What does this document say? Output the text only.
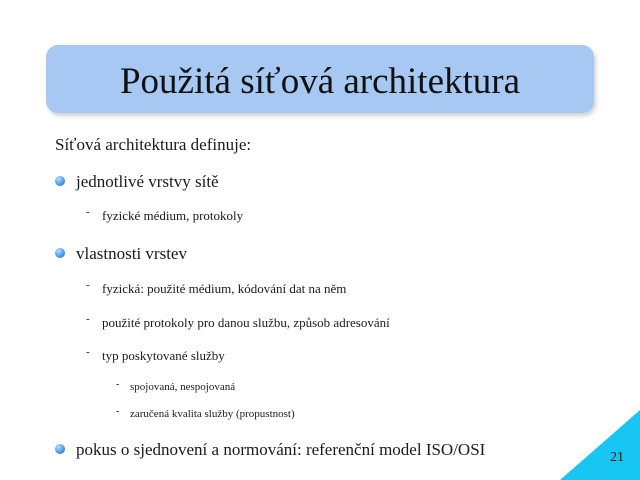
Použitá síťová architektura
Síťová architektura definuje:
jednotlivé vrstvy sítě
- fyzické médium, protokoly
vlastnosti vrstev
- fyzická: použité médium, kódování dat na něm
- použité protokoly pro danou službu, způsob adresování
- typ poskytované služby
- spojovaná, nespojovaná
- zaručená kvalita služby (propustnost)
pokus o sjednovení a normování: referenční model ISO/OSI	21
